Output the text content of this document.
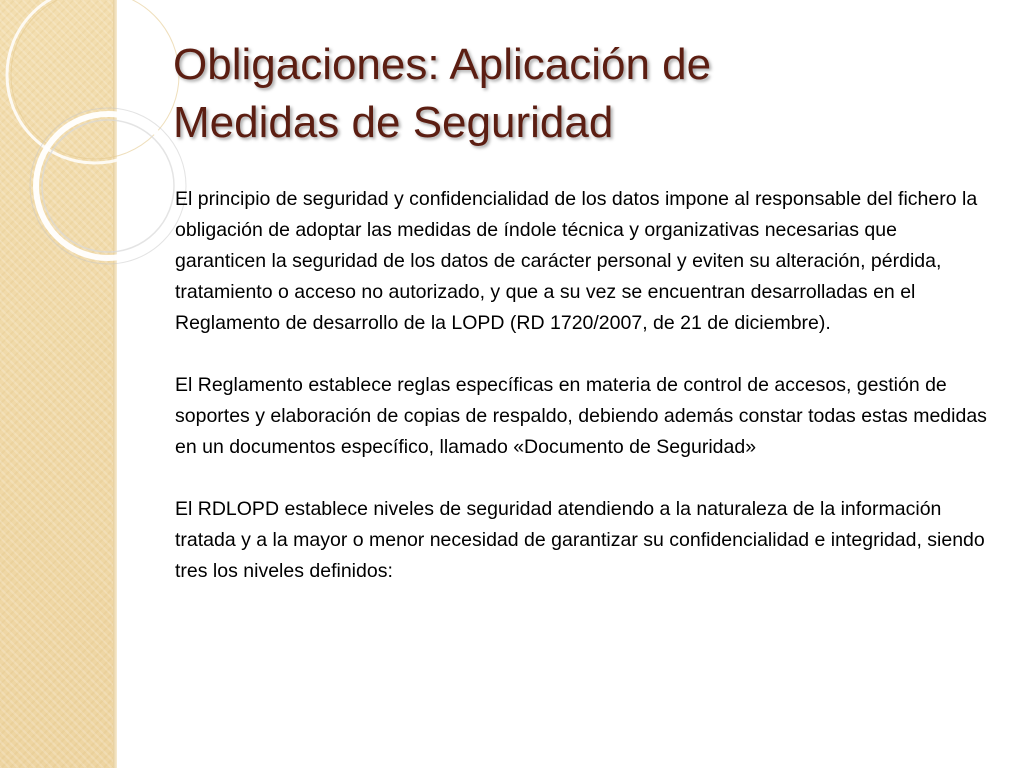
Obligaciones: Aplicación de
Medidas de Seguridad

El principio de seguridad y confidencialidad de los datos impone al responsable del fichero la obligación de adoptar las medidas de índole técnica y organizativas necesarias que garanticen la seguridad de los datos de carácter personal y eviten su alteración, pérdida, tratamiento o acceso no autorizado, y que a su vez se encuentran desarrolladas en el Reglamento de desarrollo de la LOPD (RD 1720/2007, de 21 de diciembre).

El Reglamento establece reglas específicas en materia de control de accesos, gestión de soportes y elaboración de copias de respaldo, debiendo además constar todas estas medidas en un documentos específico, llamado «Documento de Seguridad»

El RDLOPD establece niveles de seguridad atendiendo a la naturaleza de la información tratada y a la mayor o menor necesidad de garantizar su confidencialidad e integridad, siendo tres los niveles definidos:
